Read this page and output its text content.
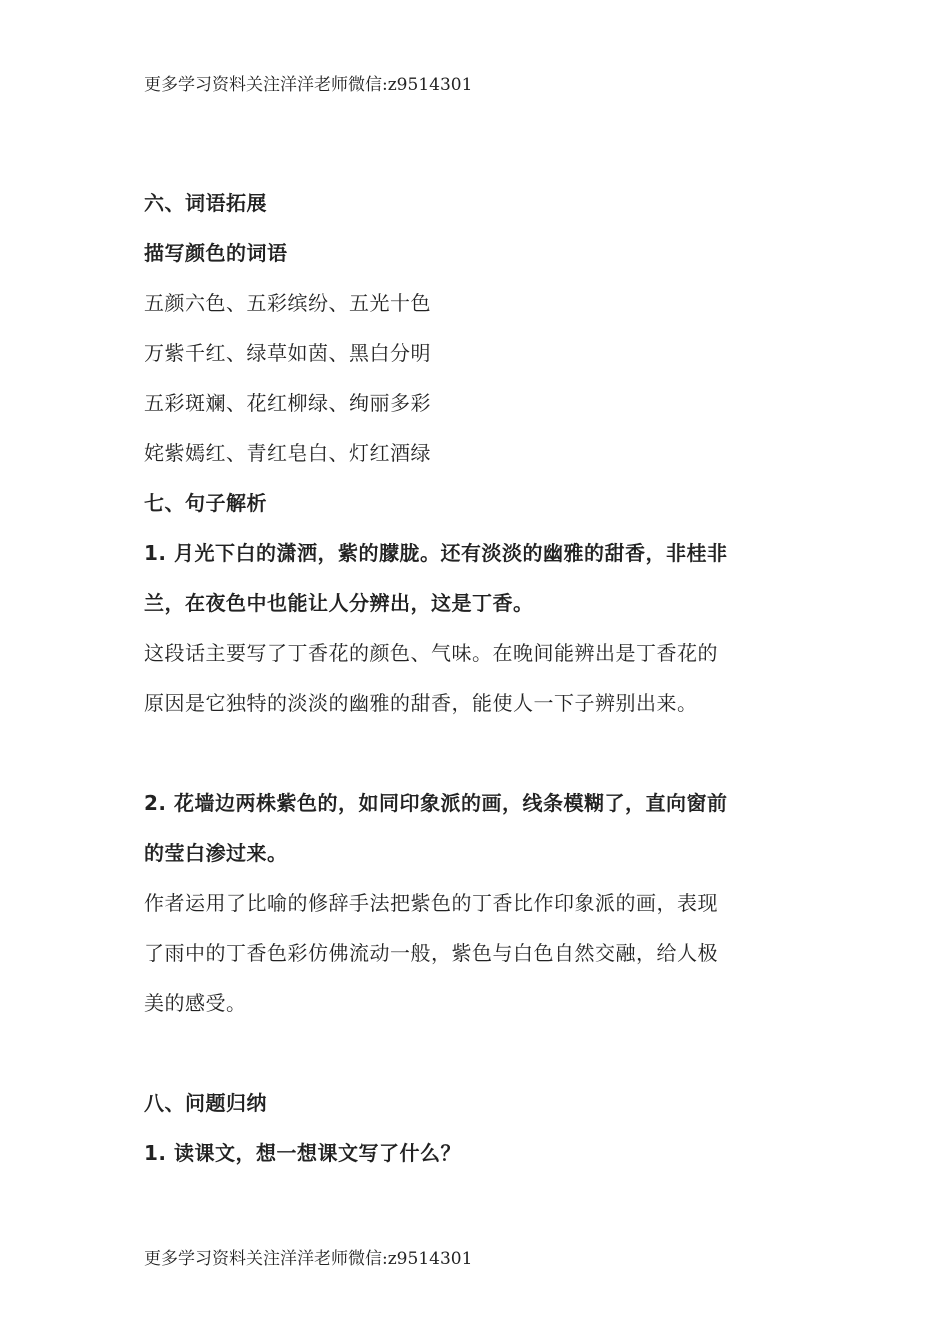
更多学习资料关注洋洋老师微信:z9514301
六、词语拓展
描写颜色的词语
五颜六色、五彩缤纷、五光十色
万紫千红、绿草如茵、黑白分明
五彩斑斓、花红柳绿、绚丽多彩
姹紫嫣红、青红皂白、灯红酒绿
七、句子解析
1. 月光下白的潇洒，紫的朦胧。还有淡淡的幽雅的甜香，非桂非
兰，在夜色中也能让人分辨出，这是丁香。
这段话主要写了丁香花的颜色、气味。在晚间能辨出是丁香花的
原因是它独特的淡淡的幽雅的甜香，能使人一下子辨别出来。
2. 花墙边两株紫色的，如同印象派的画，线条模糊了，直向窗前
的莹白渗过来。
作者运用了比喻的修辞手法把紫色的丁香比作印象派的画，表现
了雨中的丁香色彩仿佛流动一般，紫色与白色自然交融，给人极
美的感受。
八、问题归纳
1. 读课文，想一想课文写了什么？
更多学习资料关注洋洋老师微信:z9514301
